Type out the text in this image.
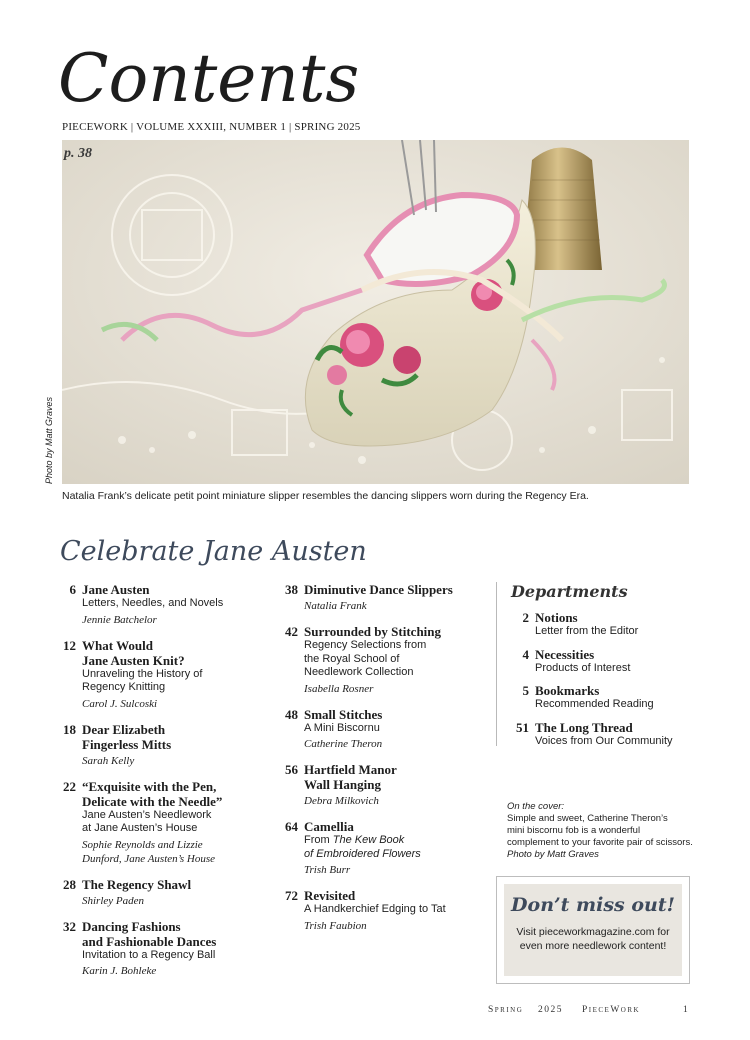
Contents
PIECEWORK | VOLUME XXXIII, NUMBER 1 | SPRING 2025
p. 38
Photo by Matt Graves
Natalia Frank’s delicate petit point miniature slipper resembles the dancing slippers worn during the Regency Era.
Celebrate Jane Austen
6 Jane Austen
Letters, Needles, and Novels
Jennie Batchelor
12 What Would
Jane Austen Knit?
Unraveling the History of
Regency Knitting
Carol J. Sulcoski
18 Dear Elizabeth
Fingerless Mitts
Sarah Kelly
22 “Exquisite with the Pen,
Delicate with the Needle”
Jane Austen’s Needlework
at Jane Austen’s House
Sophie Reynolds and Lizzie
Dunford, Jane Austen’s House
28 The Regency Shawl
Shirley Paden
32 Dancing Fashions
and Fashionable Dances
Invitation to a Regency Ball
Karin J. Bohleke
38 Diminutive Dance Slippers
Natalia Frank
42 Surrounded by Stitching
Regency Selections from
the Royal School of
Needlework Collection
Isabella Rosner
48 Small Stitches
A Mini Biscornu
Catherine Theron
56 Hartfield Manor
Wall Hanging
Debra Milkovich
64 Camellia
From The Kew Book
of Embroidered Flowers
Trish Burr
72 Revisited
A Handkerchief Edging to Tat
Trish Faubion
Departments
2 Notions
Letter from the Editor
4 Necessities
Products of Interest
5 Bookmarks
Recommended Reading
51 The Long Thread
Voices from Our Community
On the cover:
Simple and sweet, Catherine Theron’s
mini biscornu fob is a wonderful
complement to your favorite pair of scissors.
Photo by Matt Graves
Don’t miss out!
Visit pieceworkmagazine.com for
even more needlework content!
Spring 2025 PieceWork	1
